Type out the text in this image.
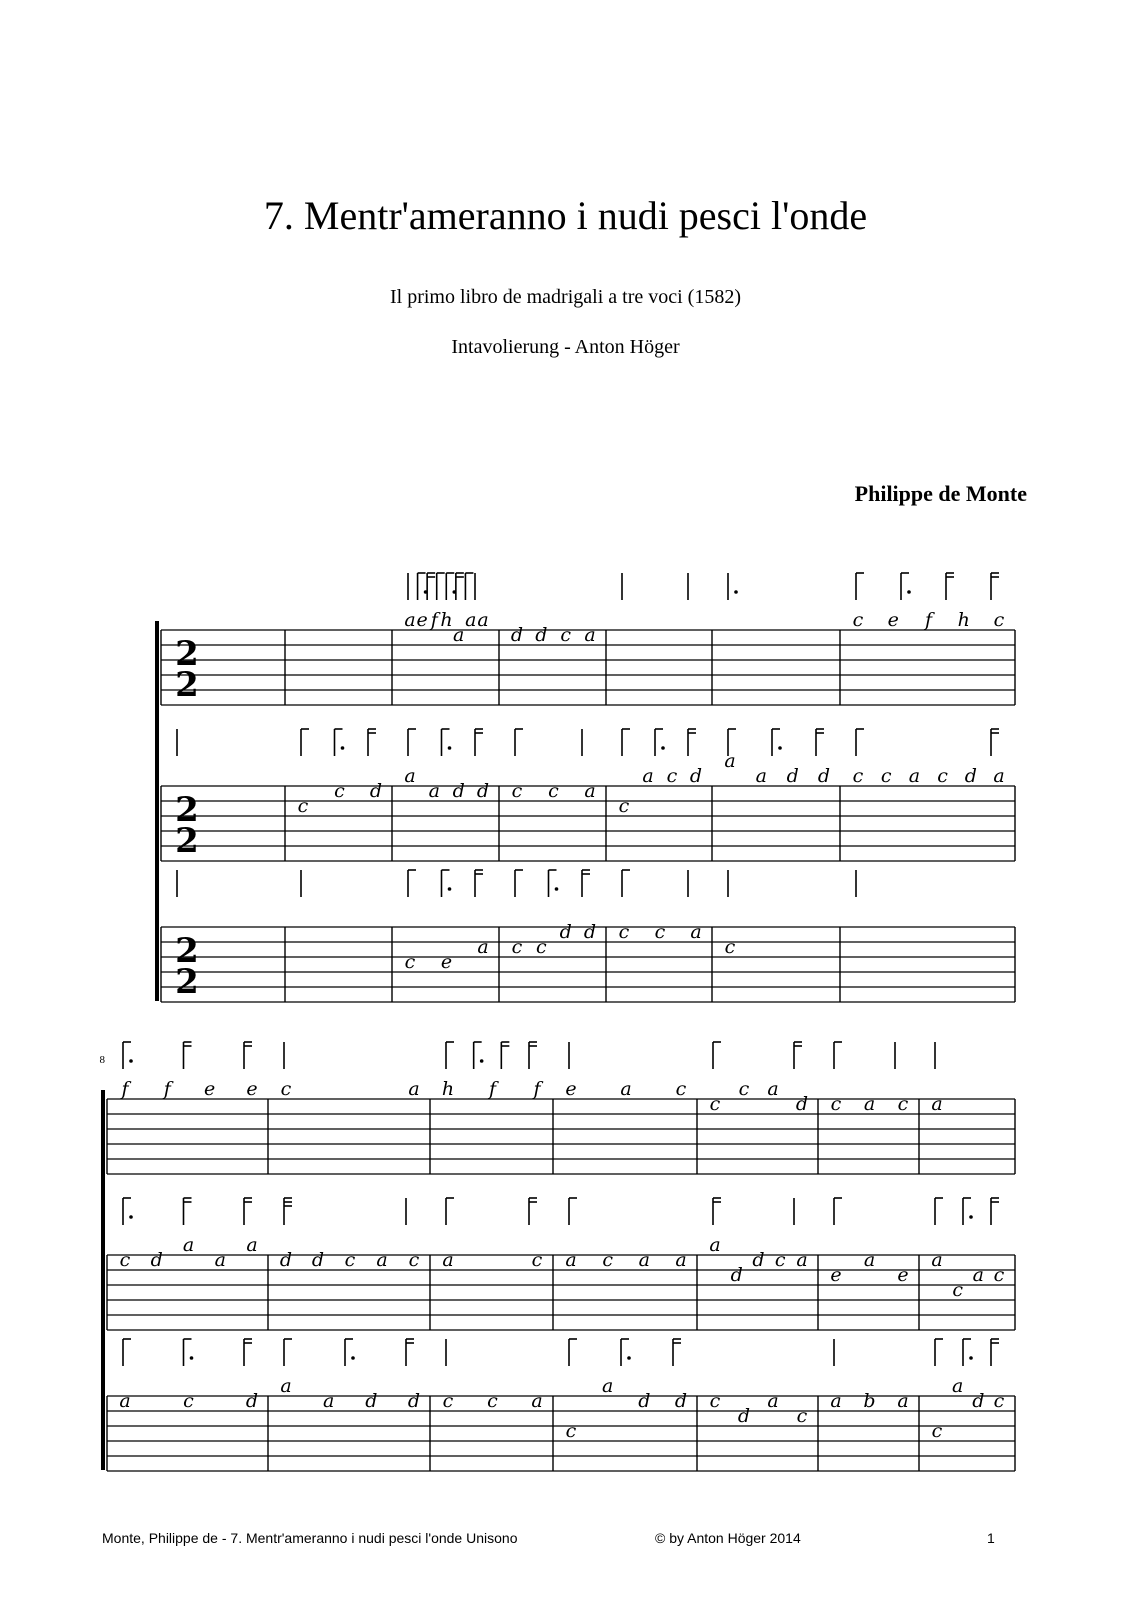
7. Mentr'ameranno i nudi pesci l'onde
Il primo libro de madrigali a tre voci (1582)
Intavolierung - Anton Höger
Philippe de Monte
2
2
a e f h
a
a a
d d c a
c e f h c
2
2
c
c d
a
a d d c c a
c
a c d
a
a d d c c a c d a
2
2	c e
a c c
d d c c a
c
8
f f e e c	a h f f e a c
c
c a
d c a c a
c d
a
a
a
d d c a c a	c a c a a
a
d
d c a
e
a
e
a
c
a c
a	c	d
a
a d d c c a
c
a
d d c
d
a
c
a b a
c
a
d c
Monte, Philippe de - 7. Mentr'ameranno i nudi pesci l'onde Unisono	© by Anton Höger 2014	1
